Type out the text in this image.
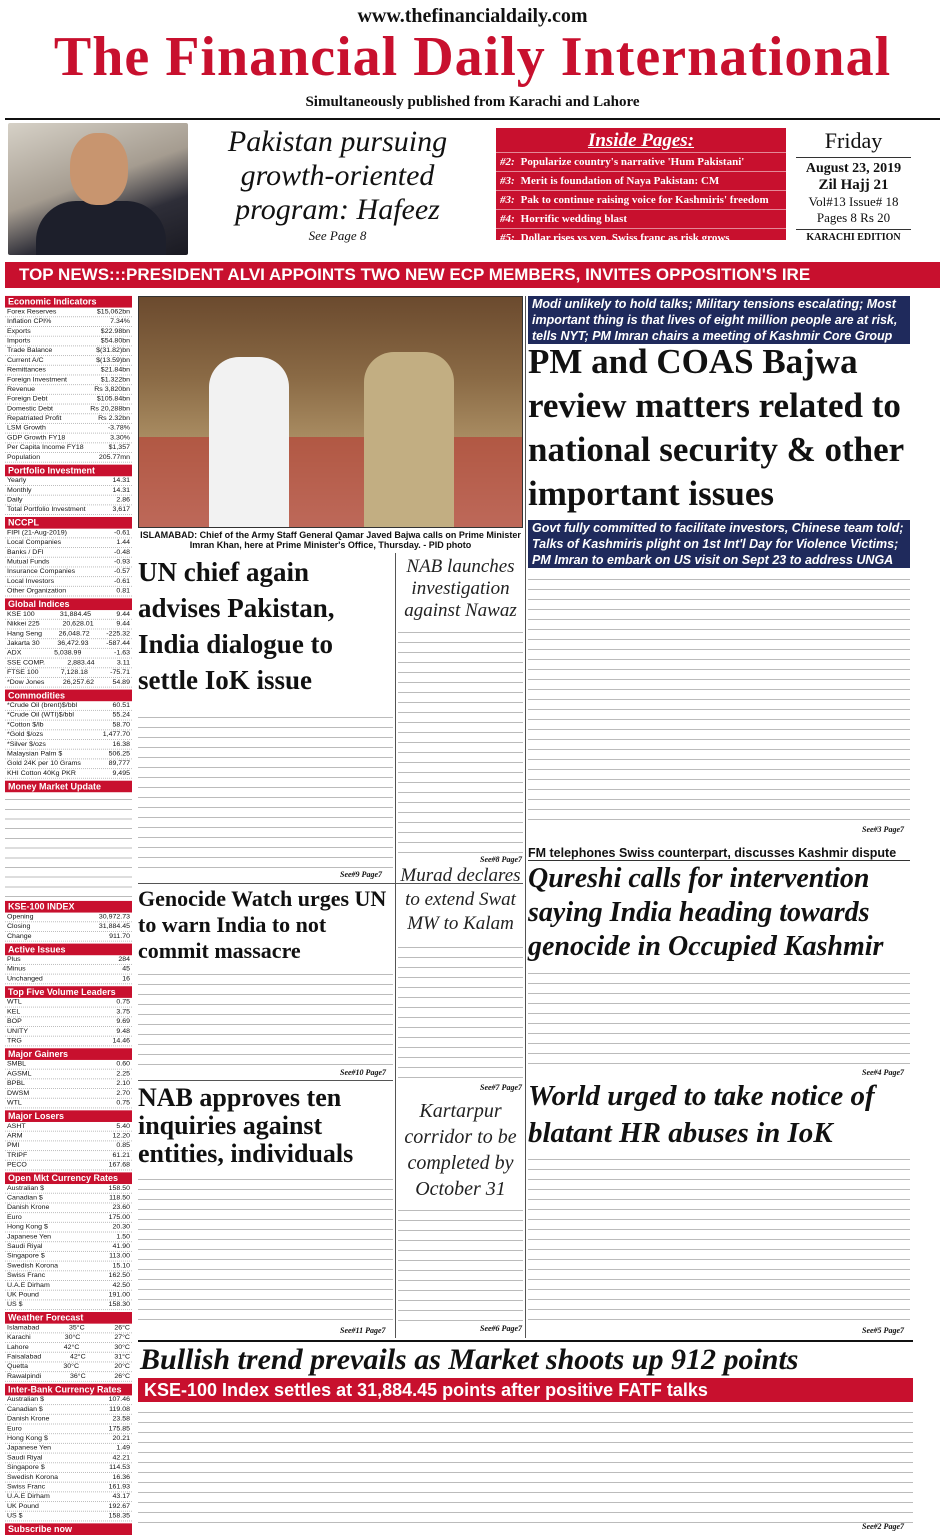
www.thefinancialdaily.com
The Financial Daily International
Simultaneously published from Karachi and Lahore
Pakistan pursuing growth-oriented program: Hafeez
See Page 8
Inside Pages:
#2: Popularize country's narrative 'Hum Pakistani'
#3: Merit is foundation of Naya Pakistan: CM
#3: Pak to continue raising voice for Kashmiris' freedom
#4: Horrific wedding blast
#5: Dollar rises vs yen, Swiss franc as risk grows
Friday
August 23, 2019
Zil Hajj 21
Vol#13 Issue# 18
Pages 8 Rs 20
KARACHI EDITION
TOP NEWS:::PRESIDENT ALVI APPOINTS TWO NEW ECP MEMBERS, INVITES OPPOSITION'S IRE
Economic Indicators
Forex Reserves	$15,062bn
Inflation CPI%	7.34%
Exports	$22.98bn
Imports	$54.80bn
Trade Balance	$(31.82)bn
Current A/C	$(13.59)bn
Remittances	$21.84bn
Foreign Investment	$1.322bn
Revenue	Rs 3,820bn
Foreign Debt	$105.84bn
Domestic Debt	Rs 20,288bn
Repatriated Profit	Rs 2.32bn
LSM Growth	-3.78%
GDP Growth FY18	3.30%
Per Capita Income FY18	$1,357
Population	205.77mn
Portfolio Investment
Yearly	14.31
Monthly	14.31
Daily	2.86
Total Portfolio Investment	3,617
NCCPL
FIPI (21-Aug-2019)	-0.61
Local Companies	1.44
Banks / DFI	-0.48
Mutual Funds	-0.93
Insurance Companies	-0.57
Local Investors	-0.61
Other Organization	0.81
Global Indices
KSE 100	31,884.45	9.44
Nikkei 225	20,628.01	9.44
Hang Seng 26,048.72 -225.32
Jakarta 30	36,472.93	-587.44
ADX	5,038.99	-1.63
SSE COMP.	2,883.44	3.11
FTSE 100	7,128.18	-75.71
*Dow Jones	26,257.62	54.89
Commodities
*Crude Oil (brent)$/bbl	60.51
*Crude Oil (WTI)$/bbl	55.24
*Cotton $/lb	58.70
*Gold $/ozs	1,477.70
*Silver $/ozs	16.38
Malaysian Palm $	506.25
Gold 24K per 10 Grams	89,777
KHI Cotton 40Kg PKR	9,495
Money Market Update
KSE-100 INDEX
Opening	30,972.73
Closing	31,884.45
Change	911.70
Active Issues
Plus	284
Minus	45
Unchanged	16
Top Five Volume Leaders
WTL	0.75
KEL	3.75
BOP	9.69
UNITY	9.48
TRG	14.46
Major Gainers
SMBL	0.60
AGSML	2.25
BPBL	2.10
DWSM	2.70
WTL	0.75
Major Losers
ASHT	5.40
ARM	12.20
PMI	0.85
TRIPF	61.21
PECO	167.68
Open Mkt Currency Rates
Australian $	158.50
Canadian $	118.50
Danish Krone	23.60
Euro	175.00
Hong Kong $	20.30
Japanese Yen	1.50
Saudi Riyal	41.90
Singapore $	113.00
Swedish Korona	15.10
Swiss Franc	162.50
U.A.E Dirham	42.50
UK Pound	191.00
US $	158.30
Weather Forecast
Islamabad	35°C	26°C
Karachi	30°C	27°C
Lahore	42°C	30°C
Faisalabad	42°C	31°C
Quetta	30°C	20°C
Rawalpindi	36°C	26°C
Inter-Bank Currency Rates
Australian $	107.46
Canadian $	119.08
Danish Krone	23.58
Euro	175.85
Hong Kong $	20.21
Japanese Yen	1.49
Saudi Riyal	42.21
Singapore $	114.53
Swedish Korona	16.36
Swiss Franc	161.93
U.A.E Dirham	43.17
UK Pound	192.67
US $	158.35
Subscribe now
ISLAMABAD: Chief of the Army Staff General Qamar Javed Bajwa calls on Prime Minister Imran Khan, here at Prime Minister's Office, Thursday. - PID photo
Modi unlikely to hold talks; Military tensions escalating; Most important thing is that lives of eight million people are at risk, tells NYT; PM Imran chairs a meeting of Kashmir Core Group
PM and COAS Bajwa review matters related to national security & other important issues
Govt fully committed to facilitate investors, Chinese team told; Talks of Kashmiris plight on 1st Int'l Day for Violence Victims; PM Imran to embark on US visit on Sept 23 to address UNGA
See#3 Page7
UN chief again advises Pakistan, India dialogue to settle IoK issue
See#9 Page7
NAB launches investigation against Nawaz
See#8 Page7
Genocide Watch urges UN to warn India to not commit massacre
See#10 Page7
Murad declares to extend Swat MW to Kalam
See#7 Page7
NAB approves ten inquiries against entities, individuals
See#11 Page7
Kartarpur corridor to be completed by October 31
See#6 Page7
FM telephones Swiss counterpart, discusses Kashmir dispute
Qureshi calls for intervention saying India heading towards genocide in Occupied Kashmir
See#4 Page7
World urged to take notice of blatant HR abuses in IoK
See#5 Page7
Bullish trend prevails as Market shoots up 912 points
KSE-100 Index settles at 31,884.45 points after positive FATF talks
See#2 Page7
